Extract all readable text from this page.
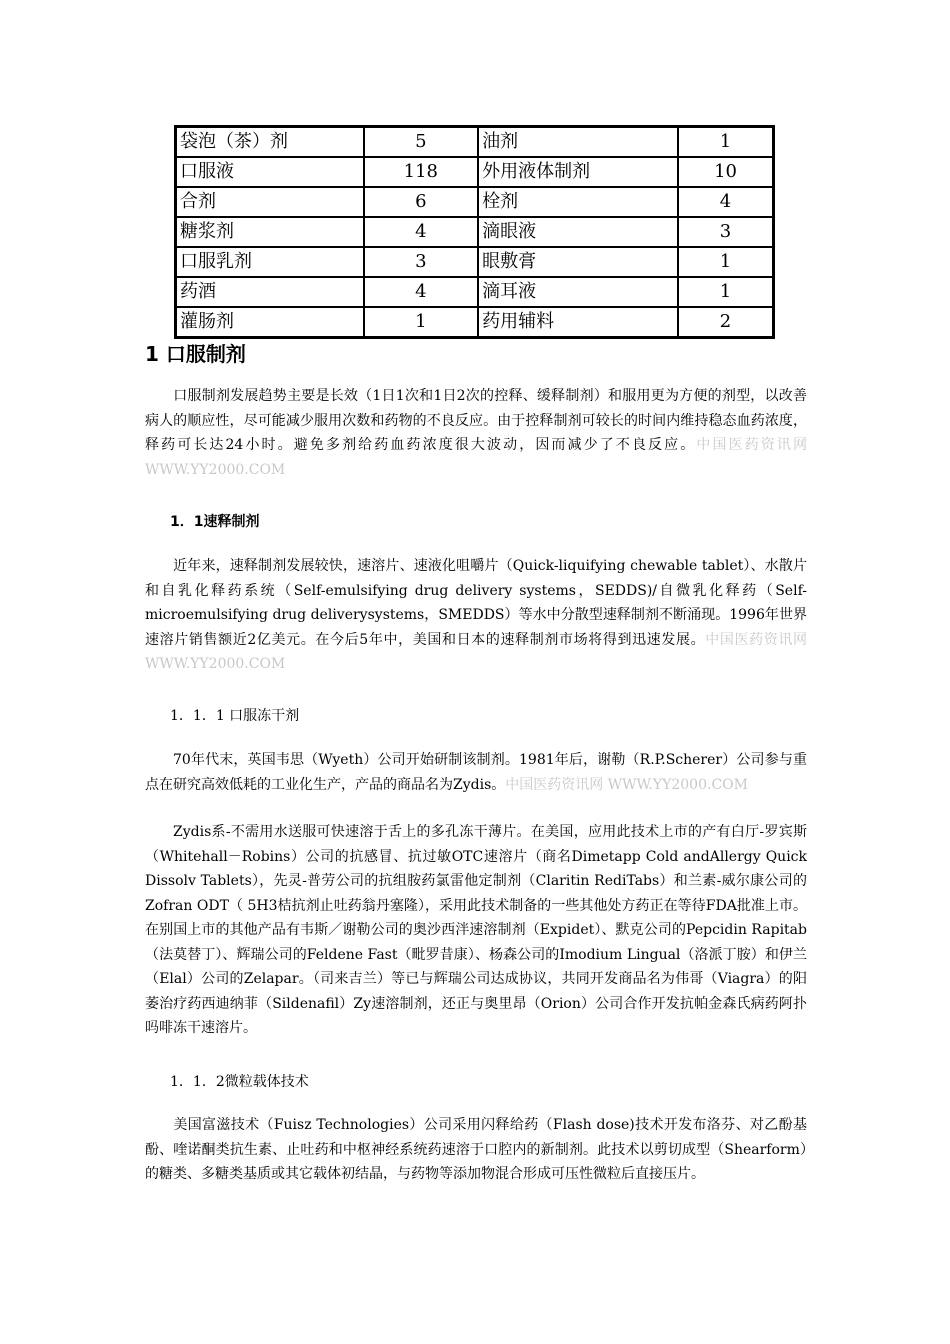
袋泡（茶）剂	5	油剂	1
口服液	118	外用液体制剂	10
合剂	6	栓剂	4
糖浆剂	4	滴眼液	3
口服乳剂	3	眼敷膏	1
药酒	4	滴耳液	1
灌肠剂	1	药用辅料	2
1 口服制剂
口服制剂发展趋势主要是长效（1日1次和1日2次的控释、缓释制剂）和服用更为方便的剂型，以改善病人的顺应性，尽可能减少服用次数和药物的不良反应。由于控释制剂可较长的时间内维持稳态血药浓度，释药可长达24小时。避免多剂给药血药浓度很大波动，因而减少了不良反应。中国医药资讯网 WWW.YY2000.COM
1．1速释制剂
近年来，速释制剂发展较快，速溶片、速液化咀嚼片（Quick-liquifying chewable tablet）、水散片和自乳化释药系统（Self-emulsifying drug delivery systems，SEDDS)/自微乳化释药（Self-microemulsifying drug deliverysystems，SMEDDS）等水中分散型速释制剂不断涌现。1996年世界速溶片销售额近2亿美元。在今后5年中，美国和日本的速释制剂市场将得到迅速发展。中国医药资讯网 WWW.YY2000.COM
1．1．1 口服冻干剂
70年代末，英国韦思（Wyeth）公司开始研制该制剂。1981年后，谢勒（R.P.Scherer）公司参与重点在研究高效低耗的工业化生产，产品的商品名为Zydis。中国医药资讯网 WWW.YY2000.COM
Zydis系-不需用水送服可快速溶于舌上的多孔冻干薄片。在美国，应用此技术上市的产有白厅-罗宾斯（Whitehall－Robins）公司的抗感冒、抗过敏OTC速溶片（商名Dimetapp Cold andAllergy Quick Dissolv Tablets），先灵-普劳公司的抗组胺药氯雷他定制剂（Claritin RediTabs）和兰素-威尔康公司的Zofran ODT（ 5H3桔抗剂止吐药翁丹塞隆），采用此技术制备的一些其他处方药正在等待FDA批准上市。在别国上市的其他产品有韦斯／谢勒公司的奥沙西泮速溶制剂（Expidet）、默克公司的Pepcidin Rapitab（法莫替丁）、辉瑞公司的Feldene Fast（毗罗昔康）、杨森公司的Imodium Lingual（洛派丁胺）和伊兰（Elal）公司的Zelapar。（司来吉兰）等已与辉瑞公司达成协议，共同开发商品名为伟哥（Viagra）的阳萎治疗药西迪纳菲（Sildenafil）Zy速溶制剂，还正与奥里昂（Orion）公司合作开发抗帕金森氏病药阿扑吗啡冻干速溶片。
1．1．2微粒载体技术
美国富滋技术（Fuisz Technologies）公司采用闪释给药（Flash dose)技术开发布洛芬、对乙酚基酚、喹诺酮类抗生素、止吐药和中枢神经系统药速溶于口腔内的新制剂。此技术以剪切成型（Shearform）的糖类、多糖类基质或其它载体初结晶，与药物等添加物混合形成可压性微粒后直接压片。
